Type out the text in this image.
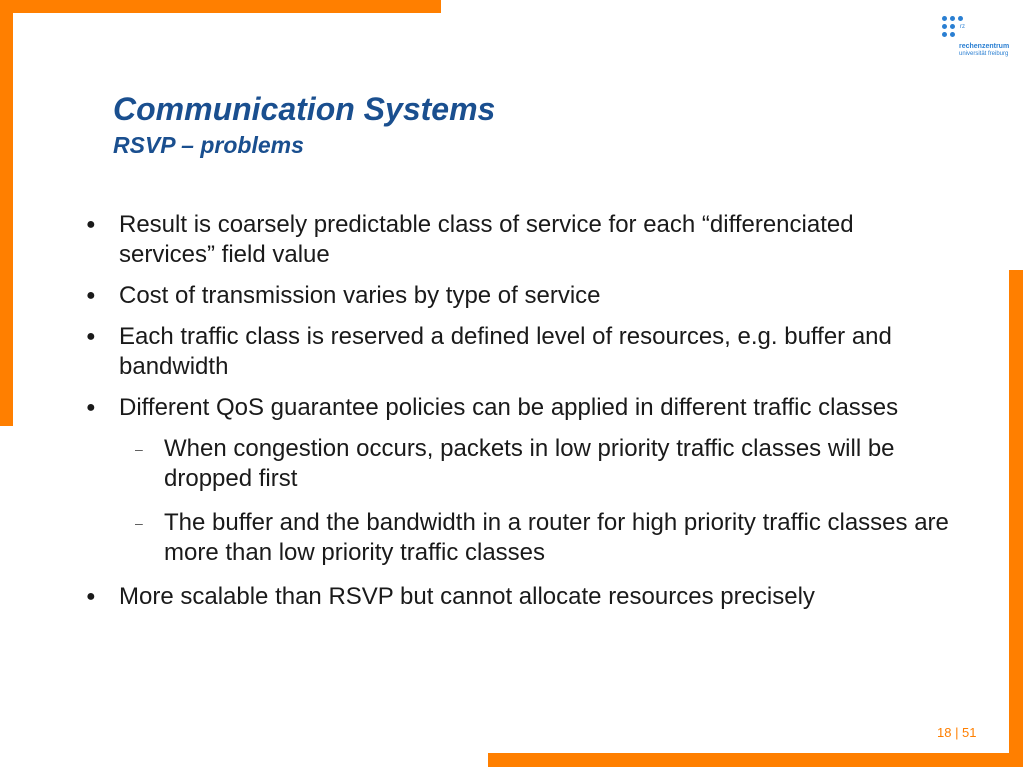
rz
rechenzentrum
universität freiburg
Communication Systems
RSVP – problems
● Result is coarsely predictable class of service for each “differenciated services” field value
● Cost of transmission varies by type of service
● Each traffic class is reserved a defined level of resources, e.g. buffer and bandwidth
● Different QoS guarantee policies can be applied in different traffic classes
– When congestion occurs, packets in low priority traffic classes will be dropped first
– The buffer and the bandwidth in a router for high priority traffic classes are more than low priority traffic classes
● More scalable than RSVP but cannot allocate resources precisely
18 | 51
